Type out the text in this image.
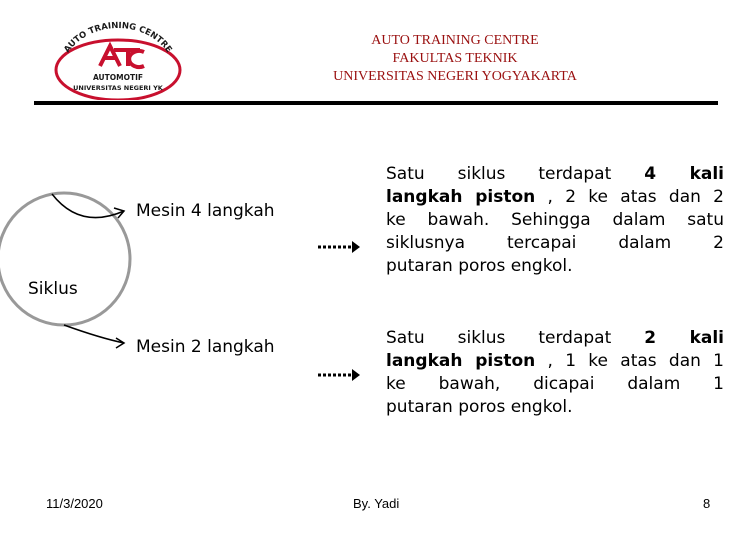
AUTO TRAINING CENTRE
AUTOMOTIF
UNIVERSITAS NEGERI YK
AUTO TRAINING CENTRE
FAKULTAS TEKNIK
UNIVERSITAS NEGERI YOGYAKARTA
Siklus
Mesin 4 langkah
Mesin 2 langkah
Satu siklus terdapat 4 kali
langkah piston , 2 ke atas dan 2
ke bawah. Sehingga dalam satu
siklusnya tercapai dalam 2
putaran poros engkol.
Satu siklus terdapat 2 kali
langkah piston , 1 ke atas dan 1
ke bawah, dicapai dalam 1
putaran poros engkol.
11/3/2020	By. Yadi	8
